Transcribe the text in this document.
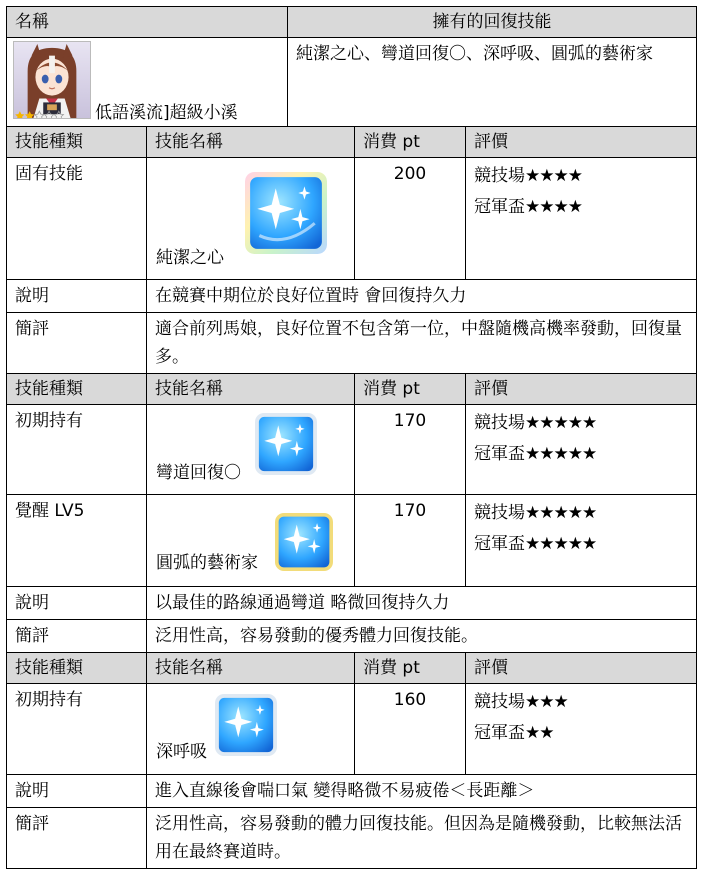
名稱		擁有的回復技能		

低語溪流]超級小溪		純潔之心、彎道回復〇、深呼吸、圓弧的藝術家		
技能種類	技能名稱		消費 pt	評價
固有技能	純潔之心		200	競技場 ★★★★
冠軍盃 ★★★★

說明	在競賽中期位於良好位置時 會回復持久力			
簡評	適合前列馬娘，良好位置不包含第一位，中盤隨機高機率發動，回復量多。			
技能種類	技能名稱		消費 pt	評價
初期持有	彎道回復〇		170	競技場 ★★★★★
冠軍盃 ★★★★★

覺醒 LV5	圓弧的藝術家		170	競技場 ★★★★★
冠軍盃 ★★★★★

說明	以最佳的路線通過彎道 略微回復持久力			
簡評	泛用性高，容易發動的優秀體力回復技能。			
技能種類	技能名稱		消費 pt	評價
初期持有	深呼吸		160	競技場 ★★★
冠軍盃 ★★

說明	進入直線後會喘口氣 變得略微不易疲倦＜長距離＞			
簡評	泛用性高，容易發動的體力回復技能。但因為是隨機發動，比較無法活用在最終賽道時。			
